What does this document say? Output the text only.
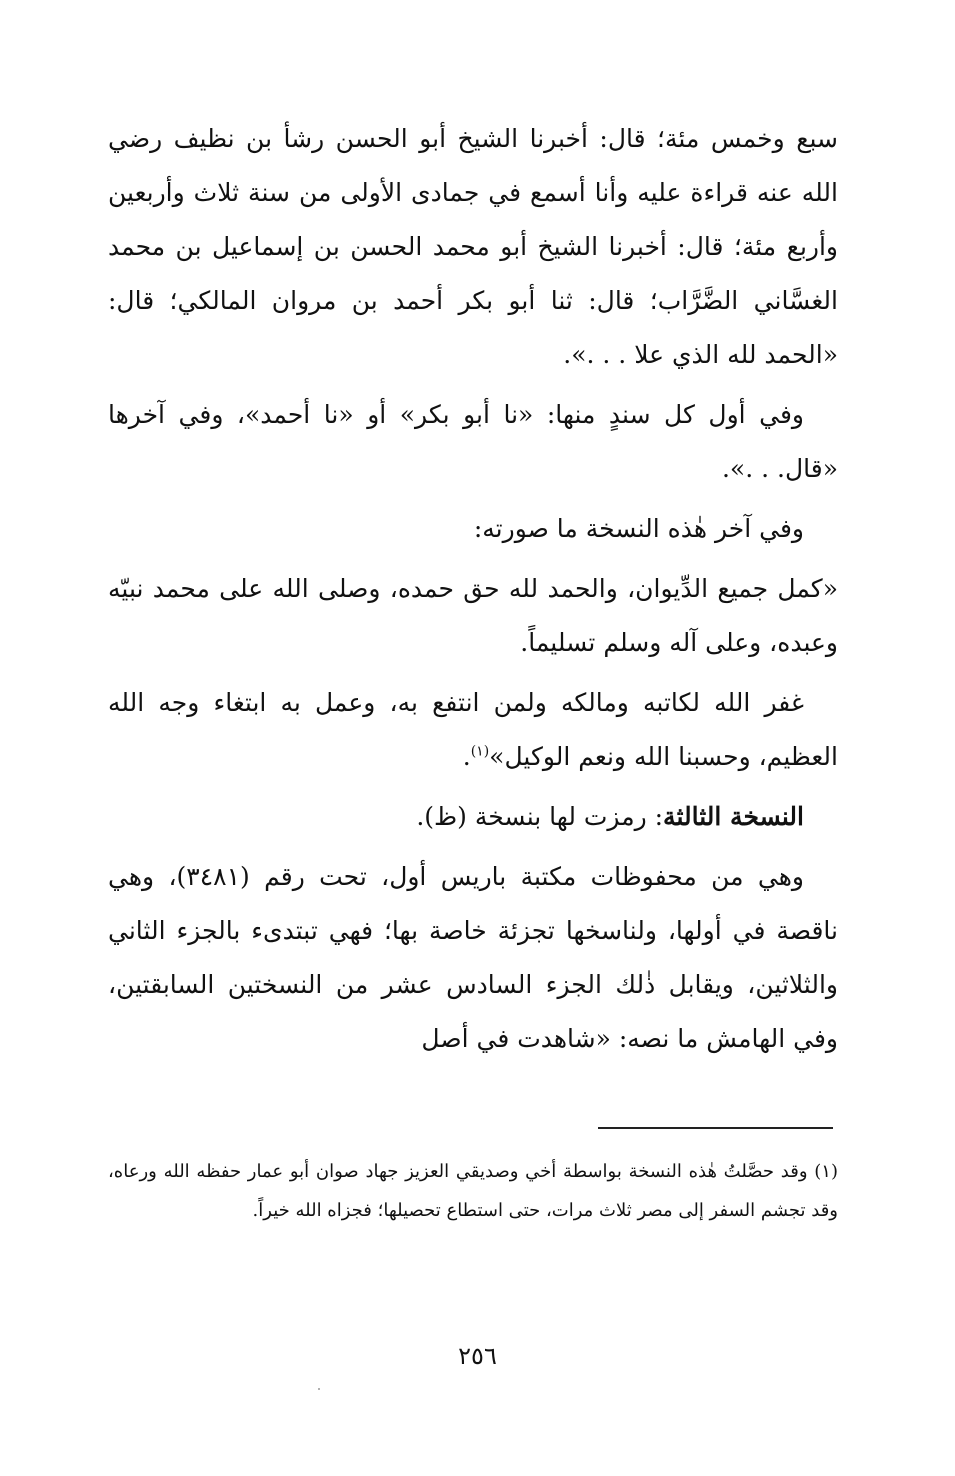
سبع وخمس مئة؛ قال: أخبرنا الشيخ أبو الحسن رشأ بن نظيف رضي الله عنه قراءة عليه وأنا أسمع في جمادى الأولى من سنة ثلاث وأربعين وأربع مئة؛ قال: أخبرنا الشيخ أبو محمد الحسن بن إسماعيل بن محمد الغسَّاني الضَّرَّاب؛ قال: ثنا أبو بكر أحمد بن مروان المالكي؛ قال: «الحمد لله الذي علا . . .».

وفي أول كل سندٍ منها: «نا أبو بكر» أو «نا أحمد»، وفي آخرها «قال. . .».

وفي آخر هٰذه النسخة ما صورته:

«كمل جميع الدِّيوان، والحمد لله حق حمده، وصلى الله على محمد نبيّه وعبده، وعلى آله وسلم تسليماً.

غفر الله لكاتبه ومالكه ولمن انتفع به، وعمل به ابتغاء وجه الله العظيم، وحسبنا الله ونعم الوكيل»$^{(١)}$.

النسخة الثالثة: رمزت لها بنسخة (ظ).

وهي من محفوظات مكتبة باريس أول، تحت رقم (٣٤٨١)، وهي ناقصة في أولها، ولناسخها تجزئة خاصة بها؛ فهي تبتدىء بالجزء الثاني والثلاثين، ويقابل ذٰلك الجزء السادس عشر من النسختين السابقتين، وفي الهامش ما نصه: «شاهدت في أصل

(١) وقد حصَّلتُ هٰذه النسخة بواسطة أخي وصديقي العزيز جهاد صوان أبو عمار حفظه الله ورعاه، وقد تجشم السفر إلى مصر ثلاث مرات، حتى استطاع تحصيلها؛ فجزاه الله خيراً.

٢٥٦
